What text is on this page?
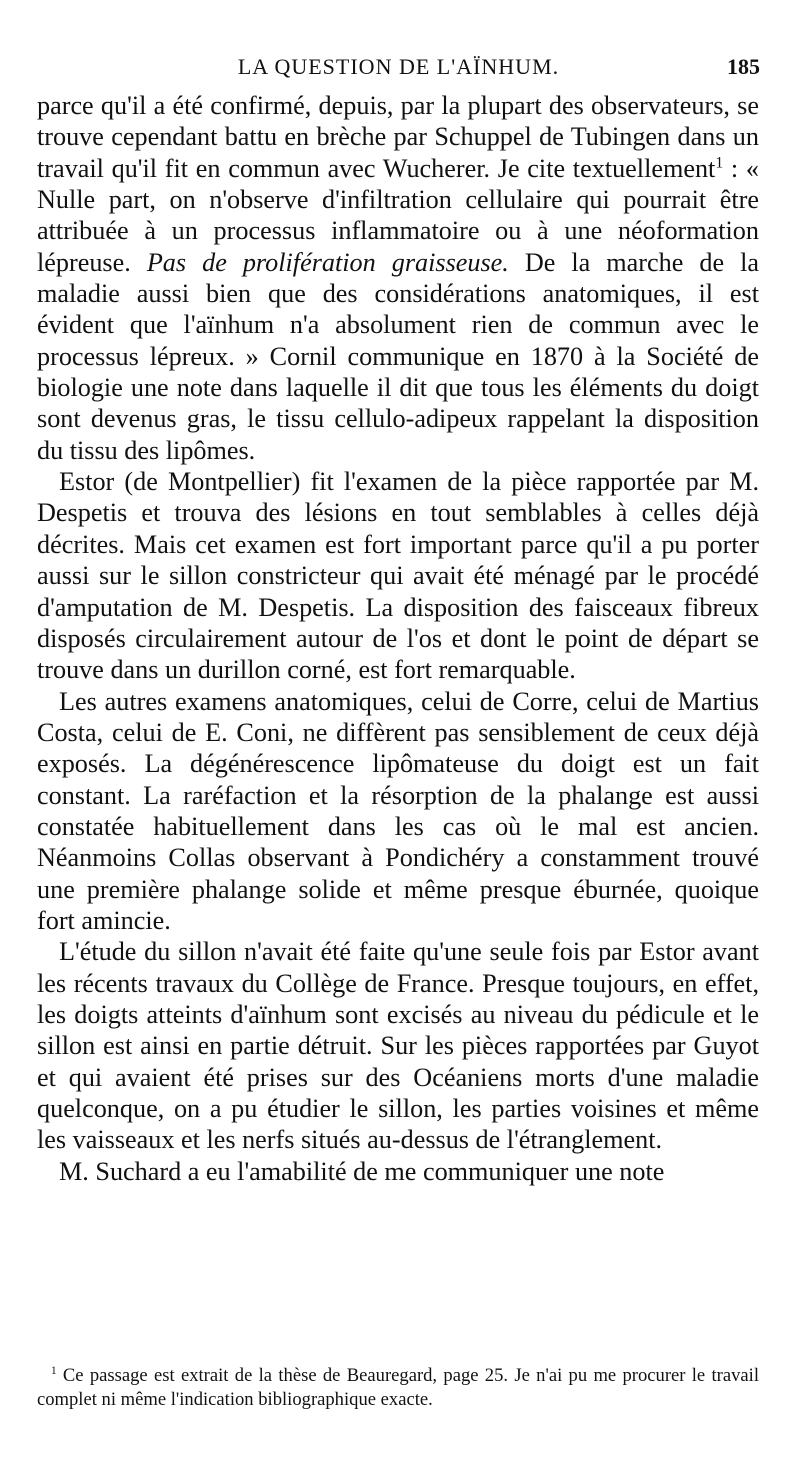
LA QUESTION DE L'AÏNHUM.	185

parce qu'il a été confirmé, depuis, par la plupart des observateurs, se trouve cependant battu en brèche par Schuppel de Tubingen dans un travail qu'il fit en commun avec Wucherer. Je cite textuellement$^1$ : « Nulle part, on n'observe d'infiltration cellulaire qui pourrait être attribuée à un processus inflammatoire ou à une néoformation lépreuse. Pas de prolifération graisseuse. De la marche de la maladie aussi bien que des considérations anatomiques, il est évident que l'aïnhum n'a absolument rien de commun avec le processus lépreux. » Cornil communique en 1870 à la Société de biologie une note dans laquelle il dit que tous les éléments du doigt sont devenus gras, le tissu cellulo-adipeux rappelant la disposition du tissu des lipômes.

Estor (de Montpellier) fit l'examen de la pièce rapportée par M. Despetis et trouva des lésions en tout semblables à celles déjà décrites. Mais cet examen est fort important parce qu'il a pu porter aussi sur le sillon constricteur qui avait été ménagé par le procédé d'amputation de M. Despetis. La disposition des faisceaux fibreux disposés circulairement autour de l'os et dont le point de départ se trouve dans un durillon corné, est fort remarquable.

Les autres examens anatomiques, celui de Corre, celui de Martius Costa, celui de E. Coni, ne diffèrent pas sensiblement de ceux déjà exposés. La dégénérescence lipômateuse du doigt est un fait constant. La raréfaction et la résorption de la phalange est aussi constatée habituellement dans les cas où le mal est ancien. Néanmoins Collas observant à Pondichéry a constamment trouvé une première phalange solide et même presque éburnée, quoique fort amincie.

L'étude du sillon n'avait été faite qu'une seule fois par Estor avant les récents travaux du Collège de France. Presque toujours, en effet, les doigts atteints d'aïnhum sont excisés au niveau du pédicule et le sillon est ainsi en partie détruit. Sur les pièces rapportées par Guyot et qui avaient été prises sur des Océaniens morts d'une maladie quelconque, on a pu étudier le sillon, les parties voisines et même les vaisseaux et les nerfs situés au-dessus de l'étranglement.

M. Suchard a eu l'amabilité de me communiquer une note

$^1$ Ce passage est extrait de la thèse de Beauregard, page 25. Je n'ai pu me procurer le travail complet ni même l'indication bibliographique exacte.
